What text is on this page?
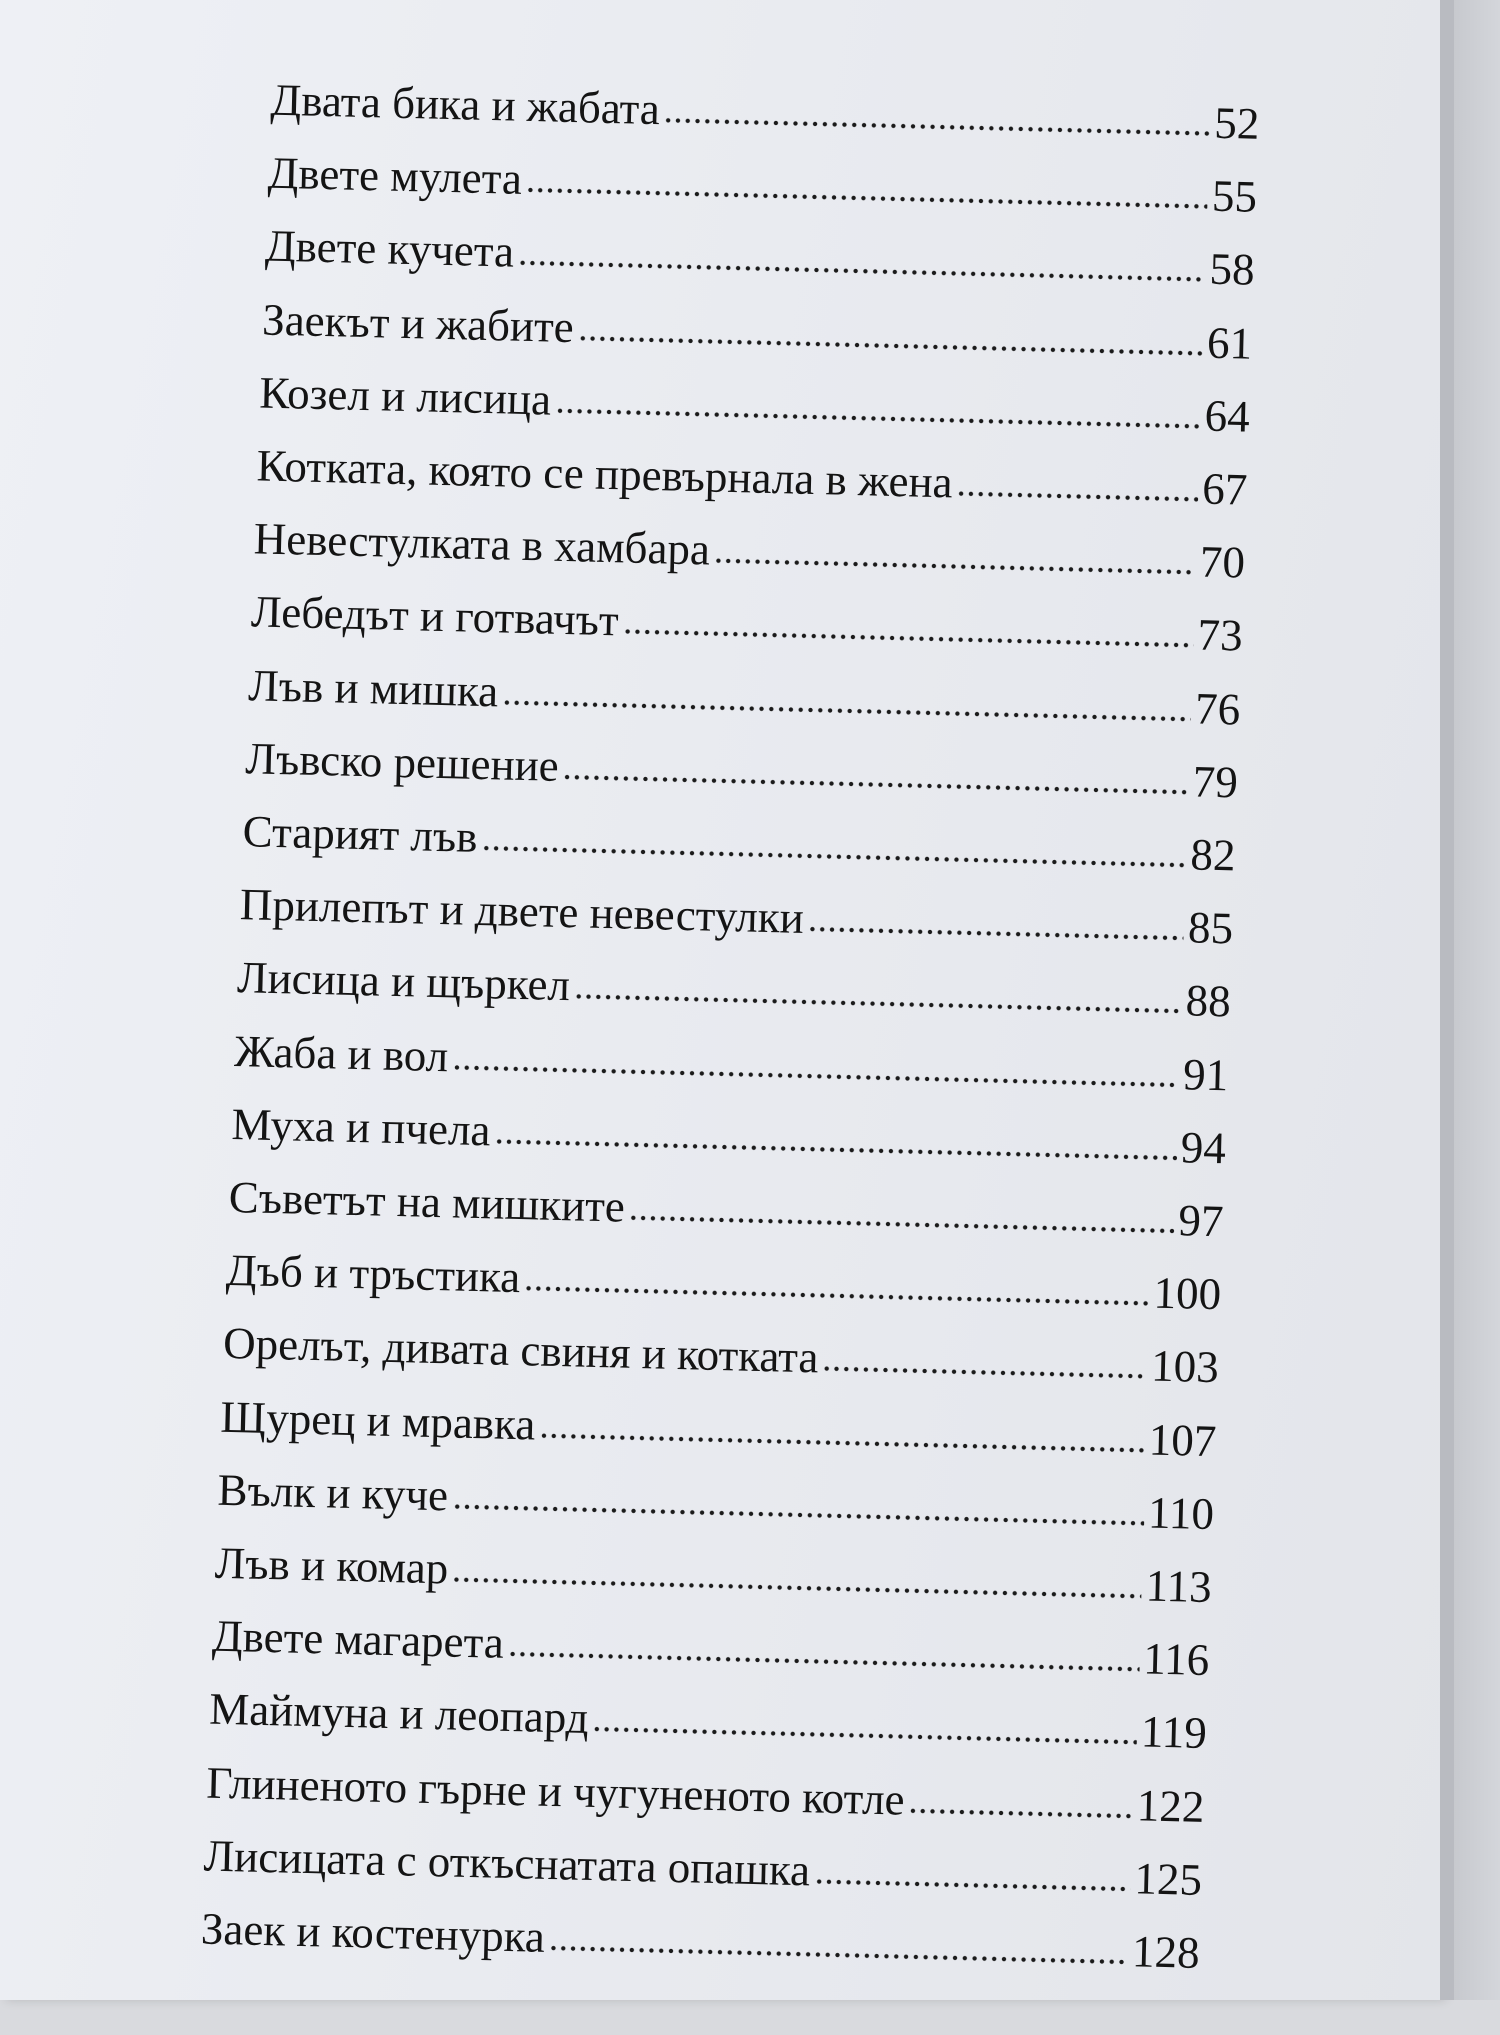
Двата бика и жабата	52
Двете мулета	55
Двете кучета	58
Заекът и жабите	61
Козел и лисица	64
Котката, която се превърнала в жена	67
Невестулката в хамбара	70
Лебедът и готвачът	73
Лъв и мишка	76
Лъвско решение	79
Старият лъв	82
Прилепът и двете невестулки	85
Лисица и щъркел	88
Жаба и вол	91
Муха и пчела	94
Съветът на мишките	97
Дъб и тръстика	100
Орелът, дивата свиня и котката	103
Щурец и мравка	107
Вълк и куче	110
Лъв и комар	113
Двете магарета	116
Маймуна и леопард	119
Глиненото гърне и чугуненото котле	122
Лисицата с откъснатата опашка	125
Заек и костенурка	128
